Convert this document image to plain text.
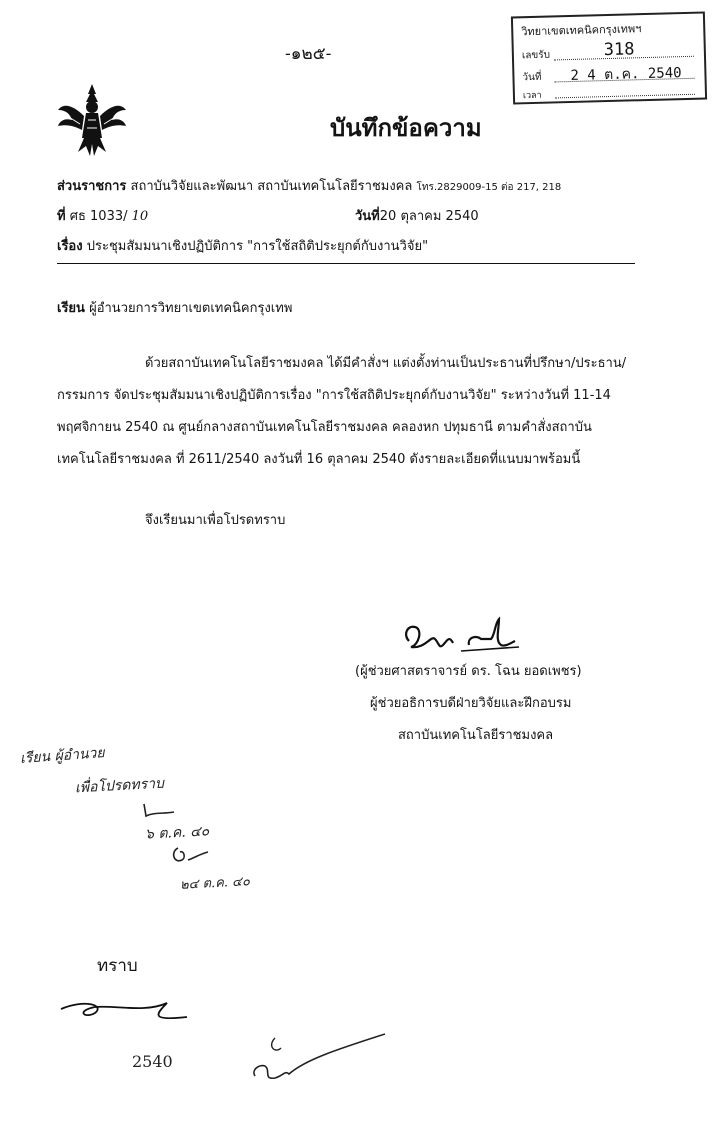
-๑๒๕-
บันทึกข้อความ
วิทยาเขตเทคนิคกรุงเทพฯ
เลขรับ	318
วันที่ 2 4 ต.ค. 2540
เวลา
ส่วนราชการ สถาบันวิจัยและพัฒนา สถาบันเทคโนโลยีราชมงคล โทร.2829009-15 ต่อ 217, 218
ที่ ศธ 1033/ 10	วันที่20 ตุลาคม 2540
เรื่อง ประชุมสัมมนาเชิงปฏิบัติการ "การใช้สถิติประยุกต์กับงานวิจัย"
เรียน ผู้อำนวยการวิทยาเขตเทคนิคกรุงเทพ
ด้วยสถาบันเทคโนโลยีราชมงคล ได้มีคำสั่งฯ แต่งตั้งท่านเป็นประธานที่ปรึกษา/ประธาน/
กรรมการ จัดประชุมสัมมนาเชิงปฏิบัติการเรื่อง "การใช้สถิติประยุกต์กับงานวิจัย" ระหว่างวันที่ 11-14
พฤศจิกายน 2540 ณ ศูนย์กลางสถาบันเทคโนโลยีราชมงคล คลองหก ปทุมธานี ตามคำสั่งสถาบัน
เทคโนโลยีราชมงคล ที่ 2611/2540 ลงวันที่ 16 ตุลาคม 2540 ดังรายละเอียดที่แนบมาพร้อมนี้
จึงเรียนมาเพื่อโปรดทราบ
(ผู้ช่วยศาสตราจารย์ ดร. โฉน ยอดเพชร)
ผู้ช่วยอธิการบดีฝ่ายวิจัยและฝึกอบรม
สถาบันเทคโนโลยีราชมงคล
เรียน ผู้อำนวย
เพื่อโปรดทราบ
๖ ต.ค. ๔๐
๒๔ ต.ค. ๔๐
ทราบ
2540
